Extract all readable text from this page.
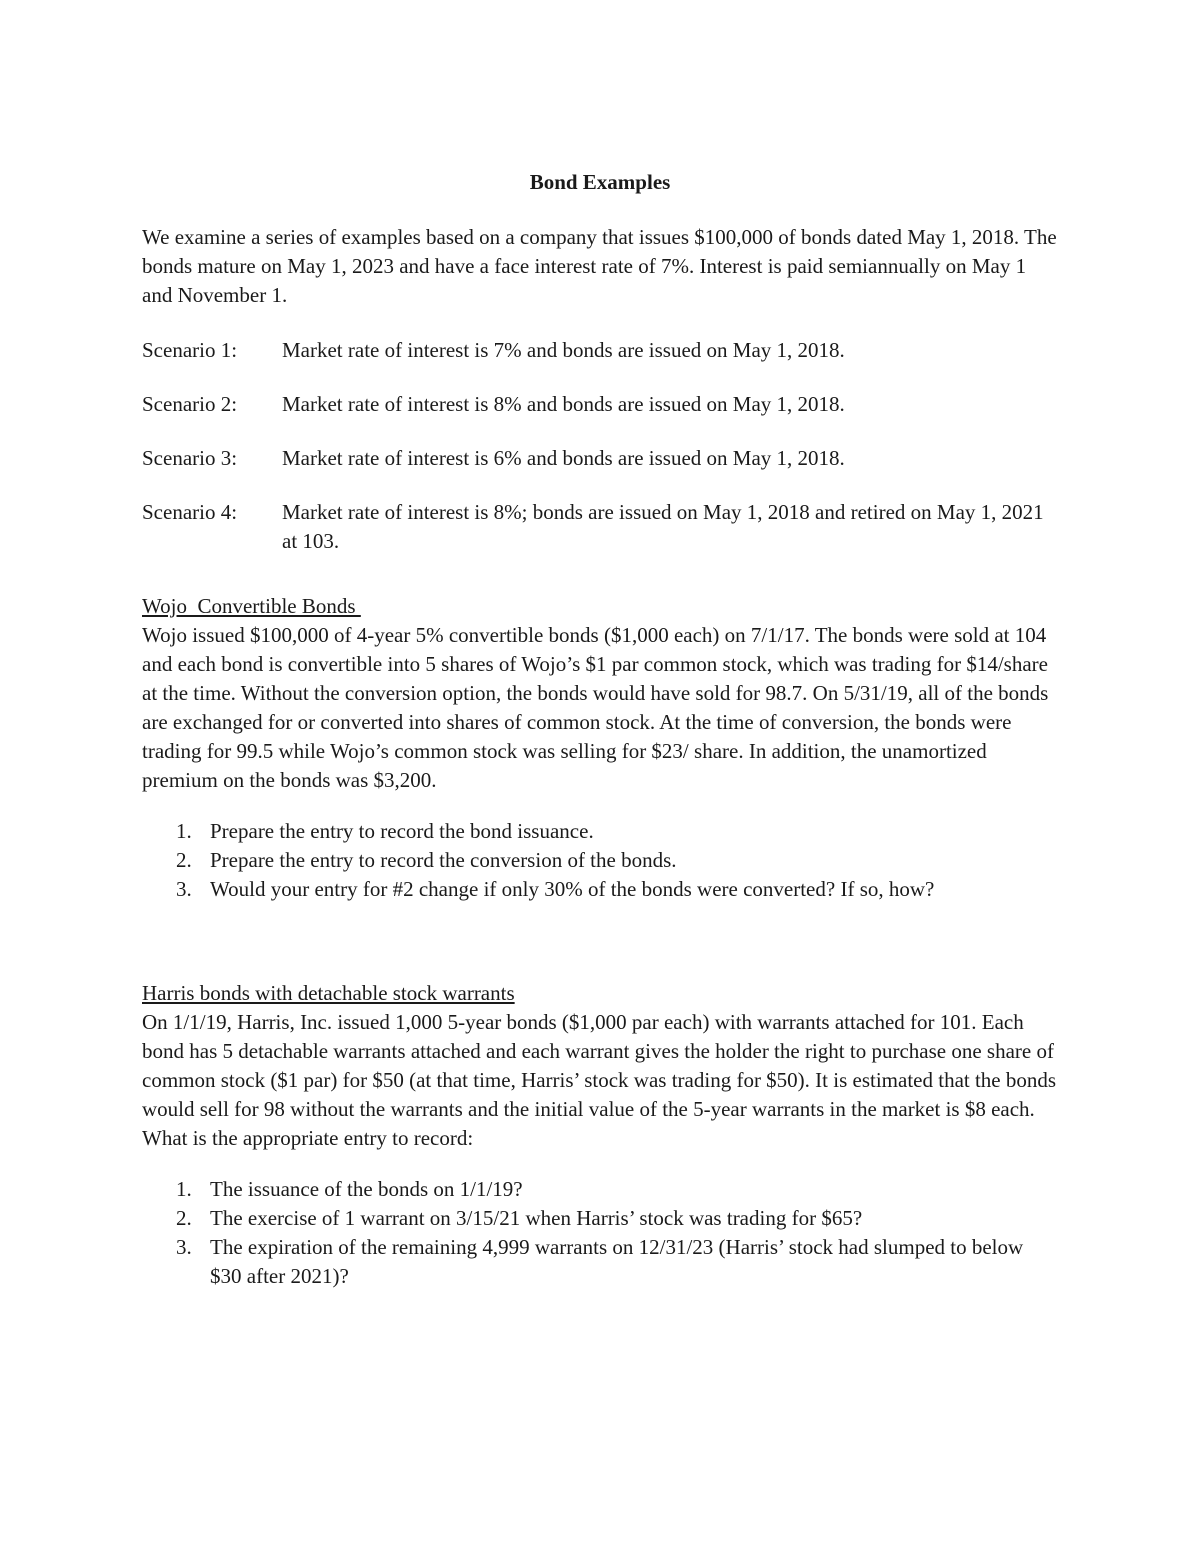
Bond Examples

We examine a series of examples based on a company that issues $100,000 of bonds dated May 1, 2018. The bonds mature on May 1, 2023 and have a face interest rate of 7%. Interest is paid semiannually on May 1 and November 1.

Scenario 1:	Market rate of interest is 7% and bonds are issued on May 1, 2018.
Scenario 2:	Market rate of interest is 8% and bonds are issued on May 1, 2018.
Scenario 3:	Market rate of interest is 6% and bonds are issued on May 1, 2018.
Scenario 4:	Market rate of interest is 8%; bonds are issued on May 1, 2018 and retired on May 1, 2021 at 103.
Wojo  Convertible Bonds
Wojo issued $100,000 of 4-year 5% convertible bonds ($1,000 each) on 7/1/17. The bonds were sold at 104 and each bond is convertible into 5 shares of Wojo’s $1 par common stock, which was trading for $14/share at the time. Without the conversion option, the bonds would have sold for 98.7. On 5/31/19, all of the bonds are exchanged for or converted into shares of common stock. At the time of conversion, the bonds were trading for 99.5 while Wojo’s common stock was selling for $23/ share. In addition, the unamortized premium on the bonds was $3,200.
1. Prepare the entry to record the bond issuance.
2. Prepare the entry to record the conversion of the bonds.
3. Would your entry for #2 change if only 30% of the bonds were converted? If so, how?
Harris bonds with detachable stock warrants
On 1/1/19, Harris, Inc. issued 1,000 5-year bonds ($1,000 par each) with warrants attached for 101. Each bond has 5 detachable warrants attached and each warrant gives the holder the right to purchase one share of common stock ($1 par) for $50 (at that time, Harris’ stock was trading for $50). It is estimated that the bonds would sell for 98 without the warrants and the initial value of the 5-year warrants in the market is $8 each. What is the appropriate entry to record:
1. The issuance of the bonds on 1/1/19?
2. The exercise of 1 warrant on 3/15/21 when Harris’ stock was trading for $65?
3. The expiration of the remaining 4,999 warrants on 12/31/23 (Harris’ stock had slumped to below $30 after 2021)?
